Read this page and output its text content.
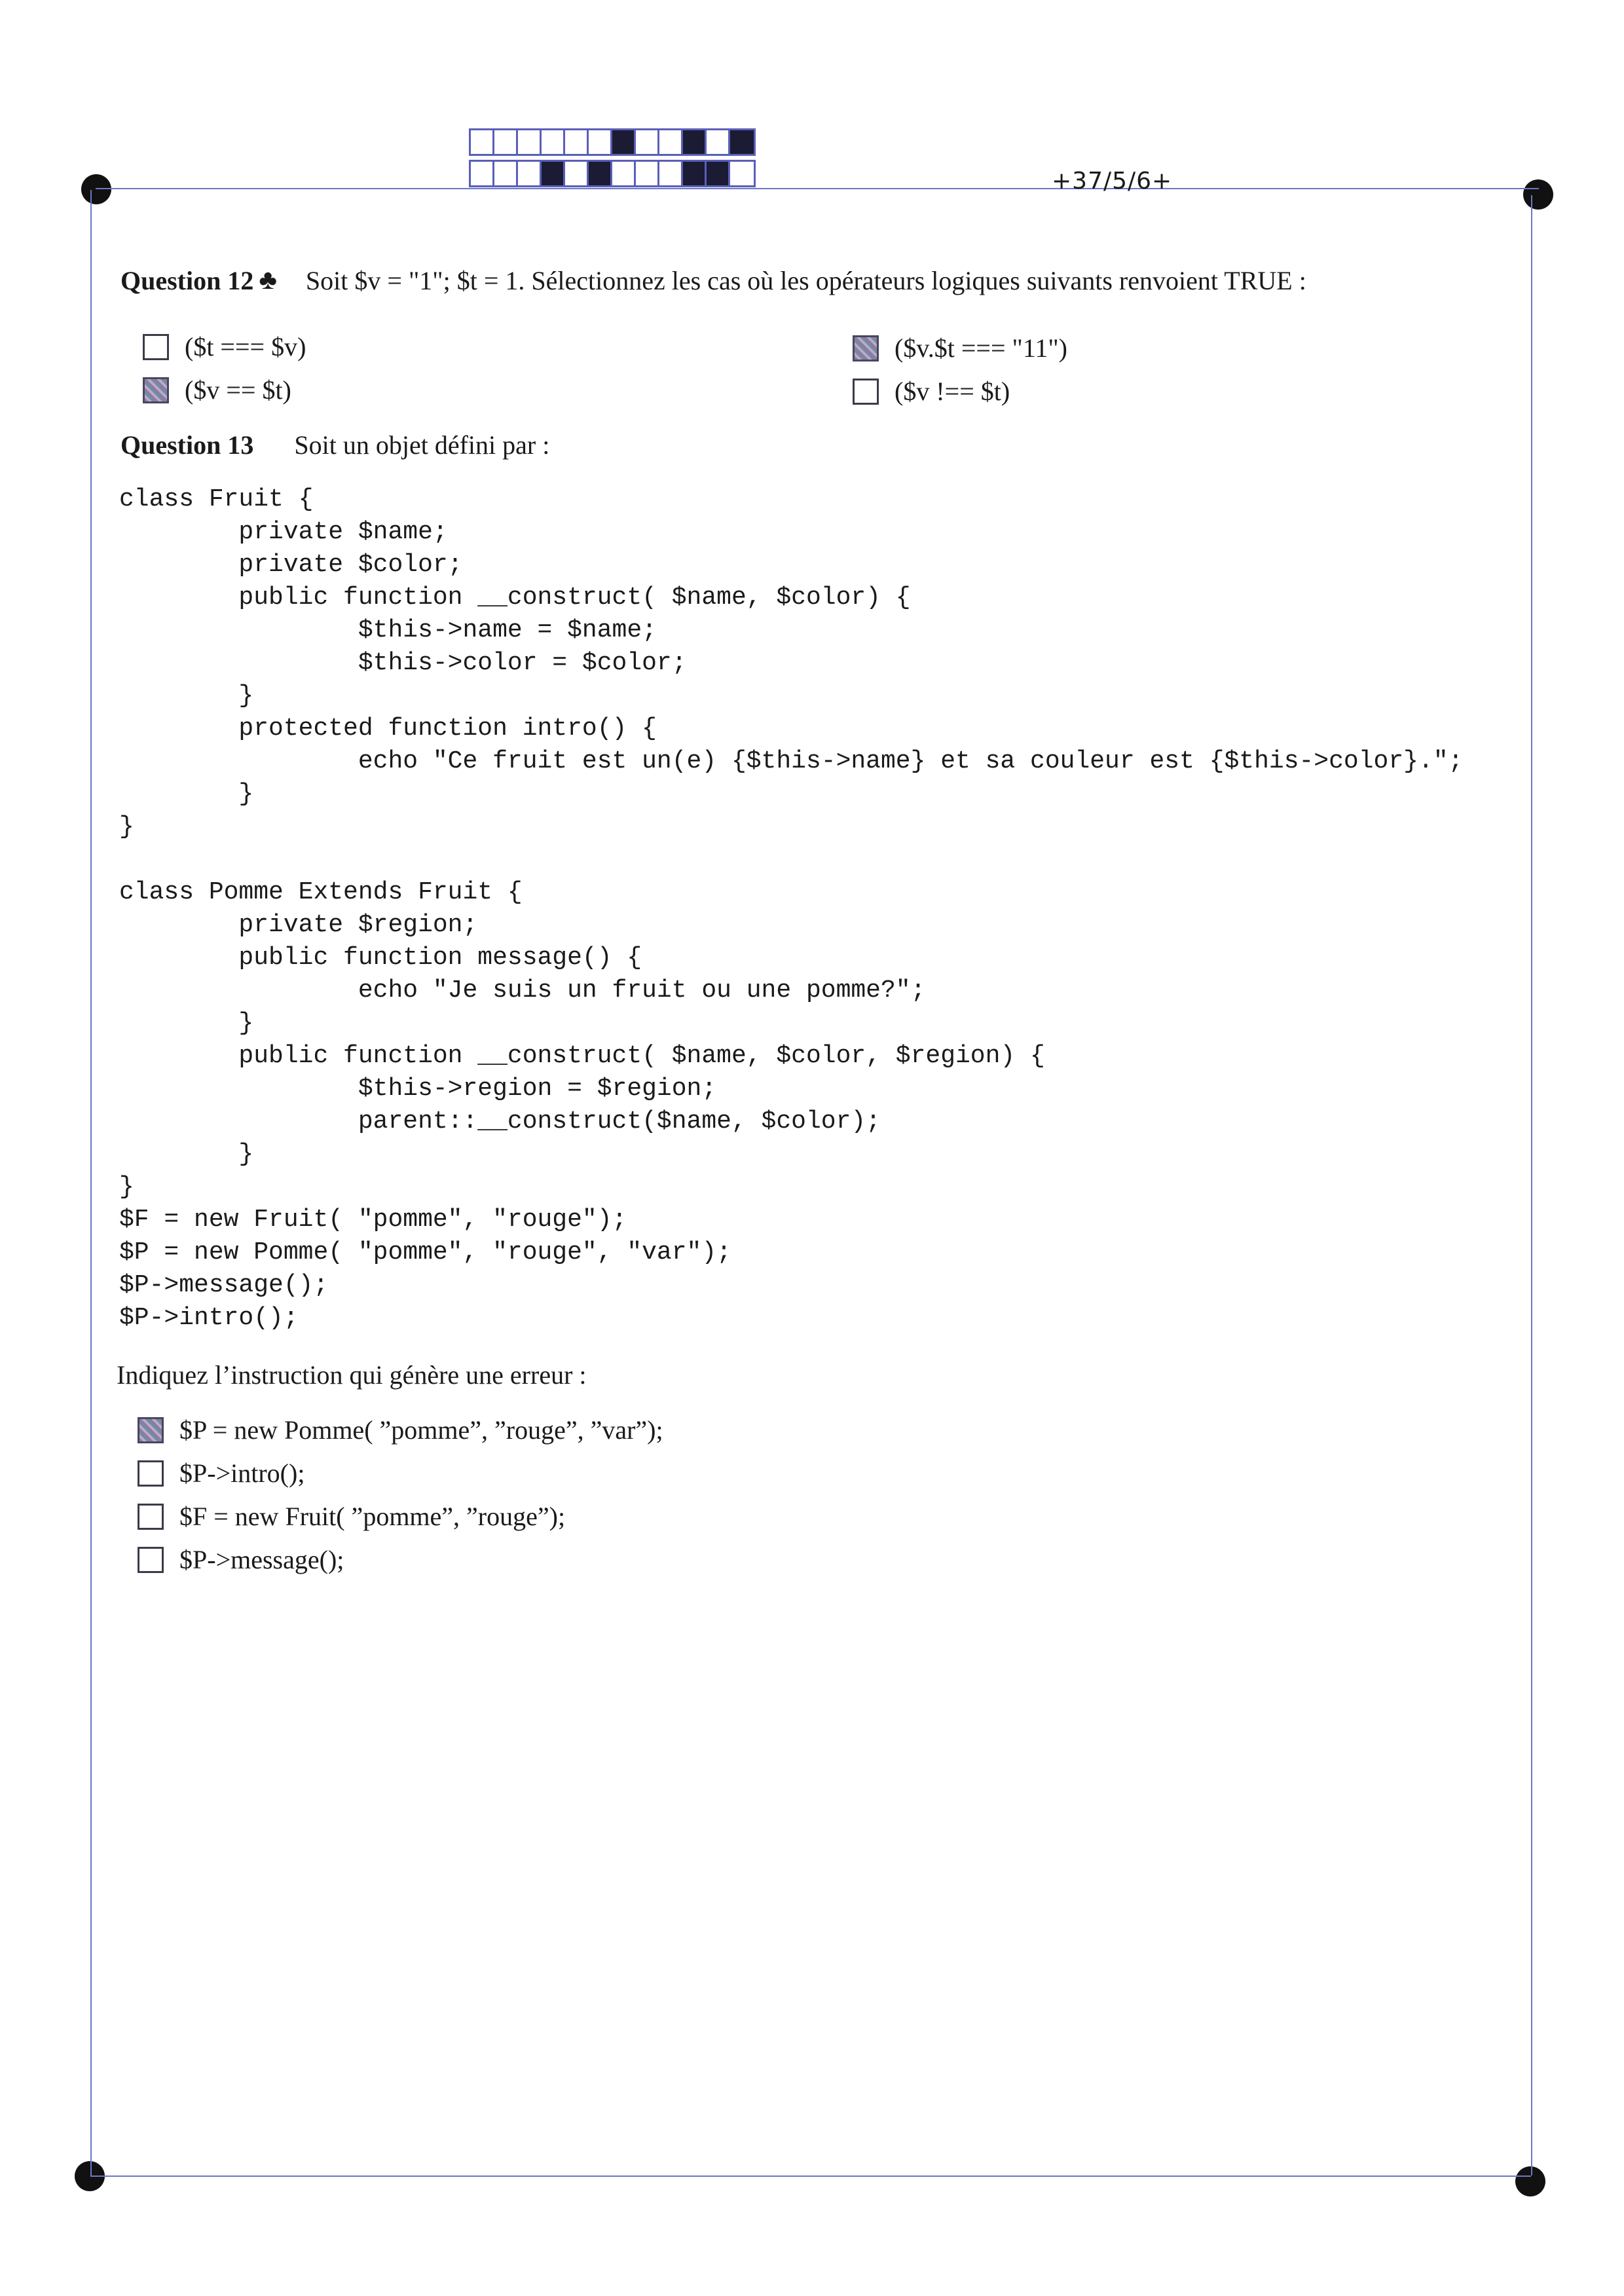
+37/5/6+
Question 12 ♣ Soit $v = "1"; $t = 1. Sélectionnez les cas où les opérateurs logiques suivants renvoient TRUE :
($t === $v)	($v.$t === "11")
($v == $t)	($v !== $t)
Question 13 Soit un objet défini par :
class Fruit {
private $name;
private $color;
public function __construct( $name, $color) {
$this->name = $name;
$this->color = $color;
}
protected function intro() {
echo "Ce fruit est un(e) {$this->name} et sa couleur est {$this->color}.";
}
}

class Pomme Extends Fruit {
private $region;
public function message() {
echo "Je suis un fruit ou une pomme?";
}
public function __construct( $name, $color, $region) {
$this->region = $region;
parent::__construct($name, $color);
}
}
$F = new Fruit( "pomme", "rouge");
$P = new Pomme( "pomme", "rouge", "var");
$P->message();
$P->intro();
Indiquez l’instruction qui génère une erreur :
$P = new Pomme( ”pomme”, ”rouge”, ”var”);
$P->intro();
$F = new Fruit( ”pomme”, ”rouge”);
$P->message();
